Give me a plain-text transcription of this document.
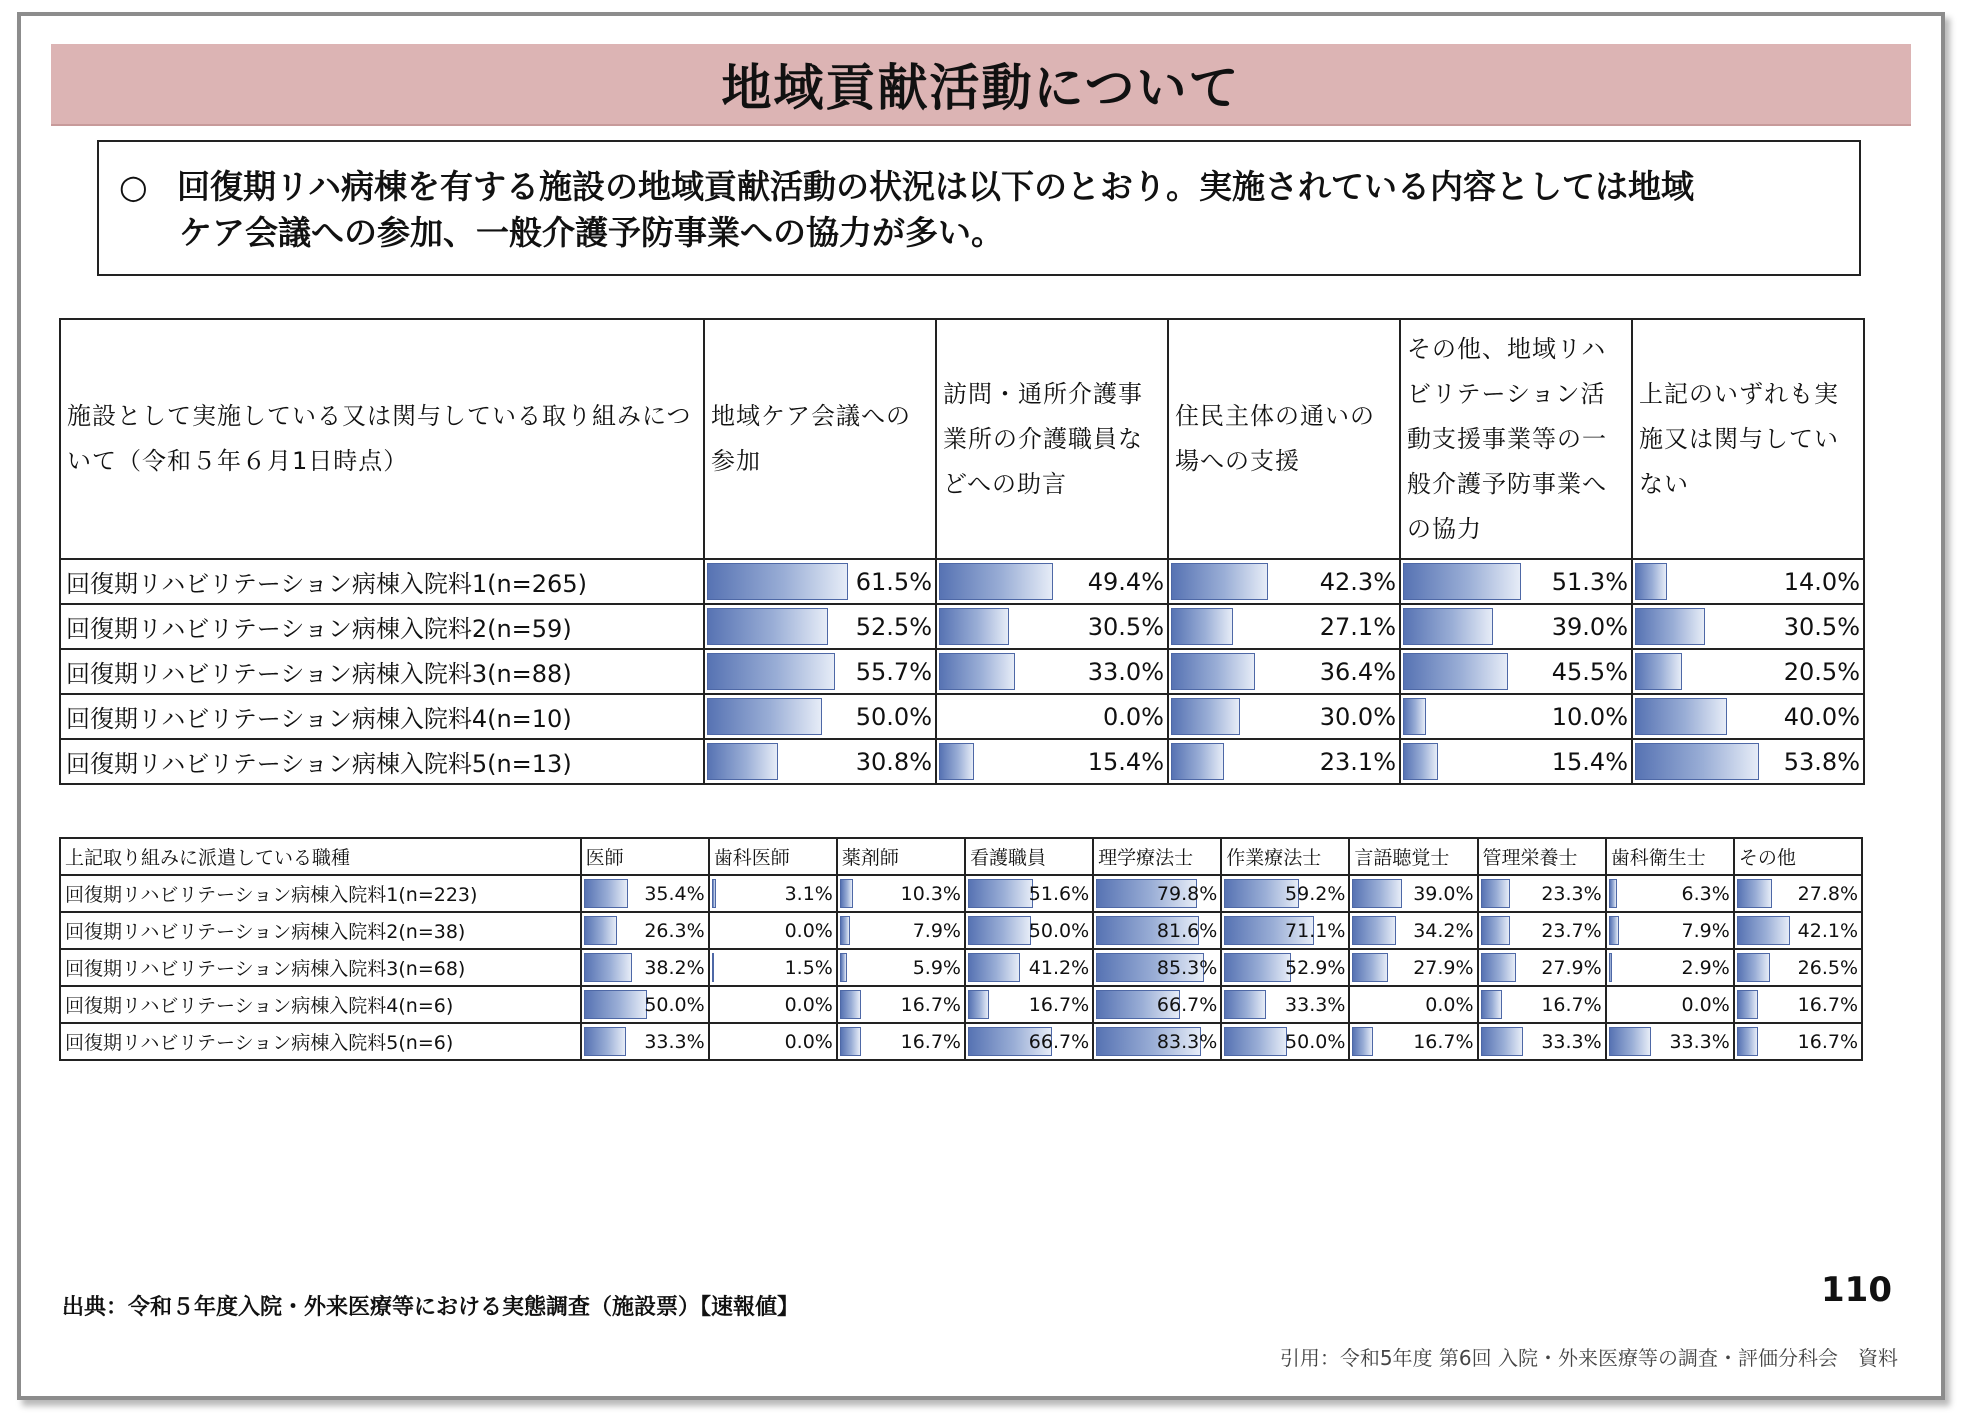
地域貢献活動について
○ 回復期リハ病棟を有する施設の地域貢献活動の状況は以下のとおり。実施されている内容としては地域
ケア会議への参加、一般介護予防事業への協力が多い。
施設として実施している又は関与している取り組みについて（令和５年６月1日時点）	地域ケア会議への参加	訪問・通所介護事業所の介護職員などへの助言	住民主体の通いの場への支援	その他、地域リハビリテーション活動支援事業等の一般介護予防事業への協力	上記のいずれも実施又は関与していない
回復期リハビリテーション病棟入院料1(n=265)	61.5%	49.4%	42.3%	51.3%	14.0%

回復期リハビリテーション病棟入院料2(n=59)	52.5%	30.5%	27.1%	39.0%	30.5%

回復期リハビリテーション病棟入院料3(n=88)	55.7%	33.0%	36.4%	45.5%	20.5%

回復期リハビリテーション病棟入院料4(n=10)	50.0%	0.0%	30.0%	10.0%	40.0%

回復期リハビリテーション病棟入院料5(n=13)	30.8%	15.4%	23.1%	15.4%	53.8%
上記取り組みに派遣している職種	医師	歯科医師	薬剤師	看護職員	理学療法士	作業療法士	言語聴覚士	管理栄養士	歯科衛生士	その他
回復期リハビリテーション病棟入院料1(n=223)	35.4%	3.1%	10.3%	51.6%	79.8%	59.2%	39.0%	23.3%	6.3%	27.8%

回復期リハビリテーション病棟入院料2(n=38)	26.3%	0.0%	7.9%	50.0%	81.6%	71.1%	34.2%	23.7%	7.9%	42.1%

回復期リハビリテーション病棟入院料3(n=68)	38.2%	1.5%	5.9%	41.2%	85.3%	52.9%	27.9%	27.9%	2.9%	26.5%

回復期リハビリテーション病棟入院料4(n=6)	50.0%	0.0%	16.7%	16.7%	66.7%	33.3%	0.0%	16.7%	0.0%	16.7%

回復期リハビリテーション病棟入院料5(n=6)	33.3%	0.0%	16.7%	66.7%	83.3%	50.0%	16.7%	33.3%	33.3%	16.7%
出典：令和５年度入院・外来医療等における実態調査（施設票）【速報値】	110
引用：令和5年度 第6回 入院・外来医療等の調査・評価分科会　資料
